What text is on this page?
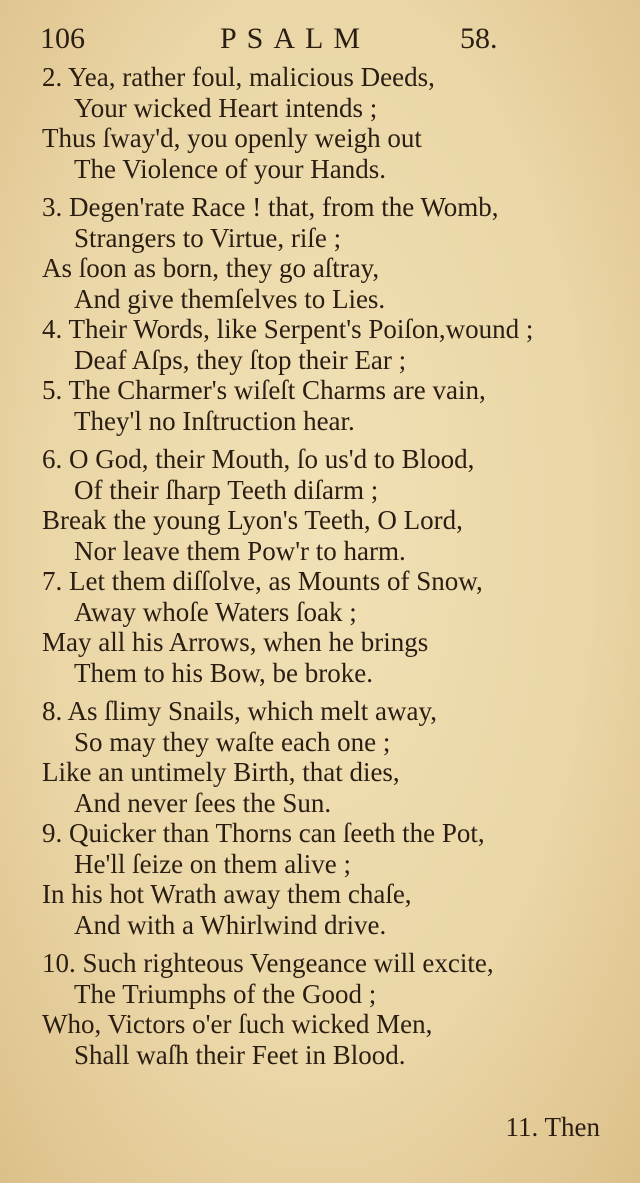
106	PSALM	58.
2. Yea, rather foul, malicious Deeds,
Your wicked Heart intends ;
Thus ſway'd, you openly weigh out
The Violence of your Hands.
3. Degen'rate Race ! that, from the Womb,
Strangers to Virtue, riſe ;
As ſoon as born, they go aſtray,
And give themſelves to Lies.
4. Their Words, like Serpent's Poiſon,wound ;
Deaf Aſps, they ſtop their Ear ;
5. The Charmer's wiſeſt Charms are vain,
They'l no Inſtruction hear.
6. O God, their Mouth, ſo us'd to Blood,
Of their ſharp Teeth diſarm ;
Break the young Lyon's Teeth, O Lord,
Nor leave them Pow'r to harm.
7. Let them diſſolve, as Mounts of Snow,
Away whoſe Waters ſoak ;
May all his Arrows, when he brings
Them to his Bow, be broke.
8. As ſlimy Snails, which melt away,
So may they waſte each one ;
Like an untimely Birth, that dies,
And never ſees the Sun.
9. Quicker than Thorns can ſeeth the Pot,
He'll ſeize on them alive ;
In his hot Wrath away them chaſe,
And with a Whirlwind drive.
10. Such righteous Vengeance will excite,
The Triumphs of the Good ;
Who, Victors o'er ſuch wicked Men,
Shall waſh their Feet in Blood.
11. Then
